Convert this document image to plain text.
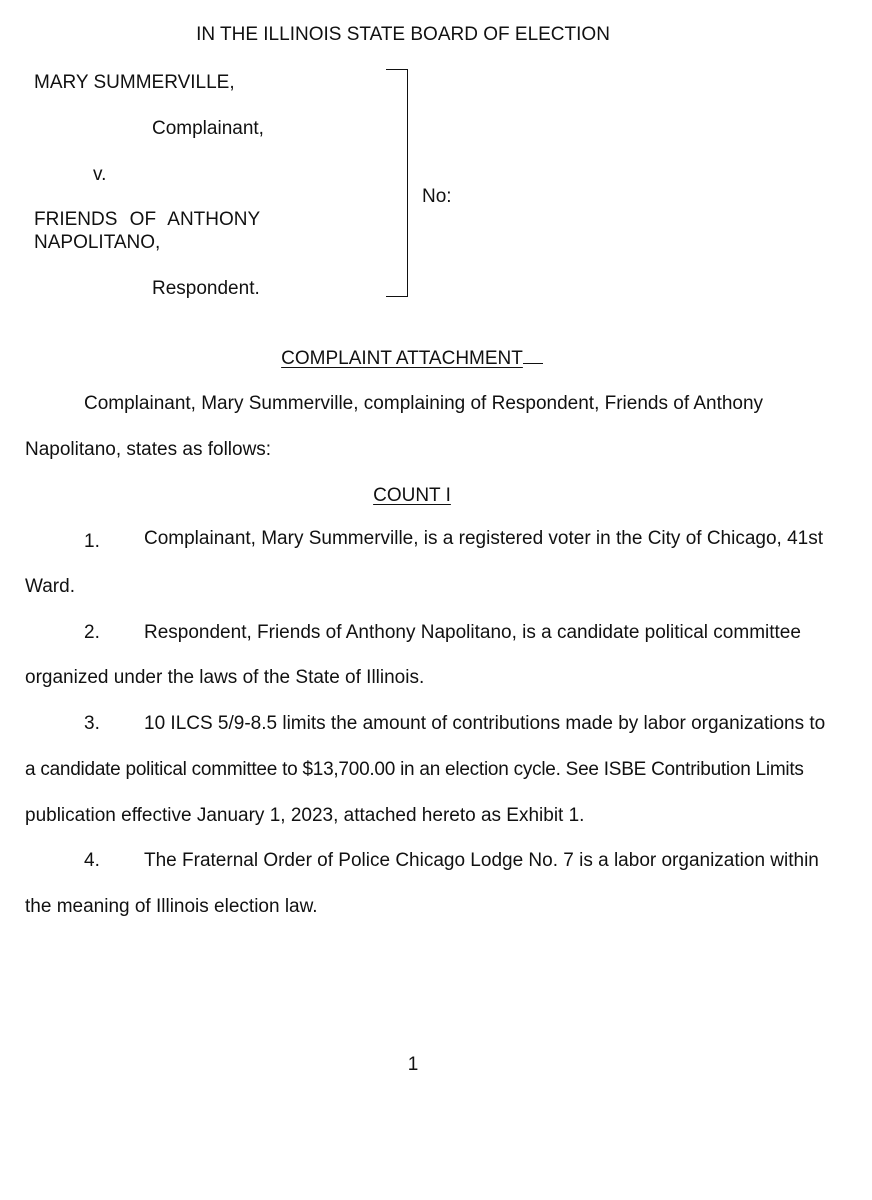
IN THE ILLINOIS STATE BOARD OF ELECTION
MARY SUMMERVILLE,
Complainant,
v.
FRIENDS OF ANTHONY
NAPOLITANO,
Respondent.
No:
COMPLAINT ATTACHMENT
Complainant, Mary Summerville, complaining of Respondent, Friends of Anthony
Napolitano, states as follows:
COUNT I
1. Complainant, Mary Summerville, is a registered voter in the City of Chicago, 41st
Ward.
2. Respondent, Friends of Anthony Napolitano, is a candidate political committee
organized under the laws of the State of Illinois.
3. 10 ILCS 5/9-8.5 limits the amount of contributions made by labor organizations to
a candidate political committee to $13,700.00 in an election cycle. See ISBE Contribution Limits
publication effective January 1, 2023, attached hereto as Exhibit 1.
4. The Fraternal Order of Police Chicago Lodge No. 7 is a labor organization within
the meaning of Illinois election law.
1
